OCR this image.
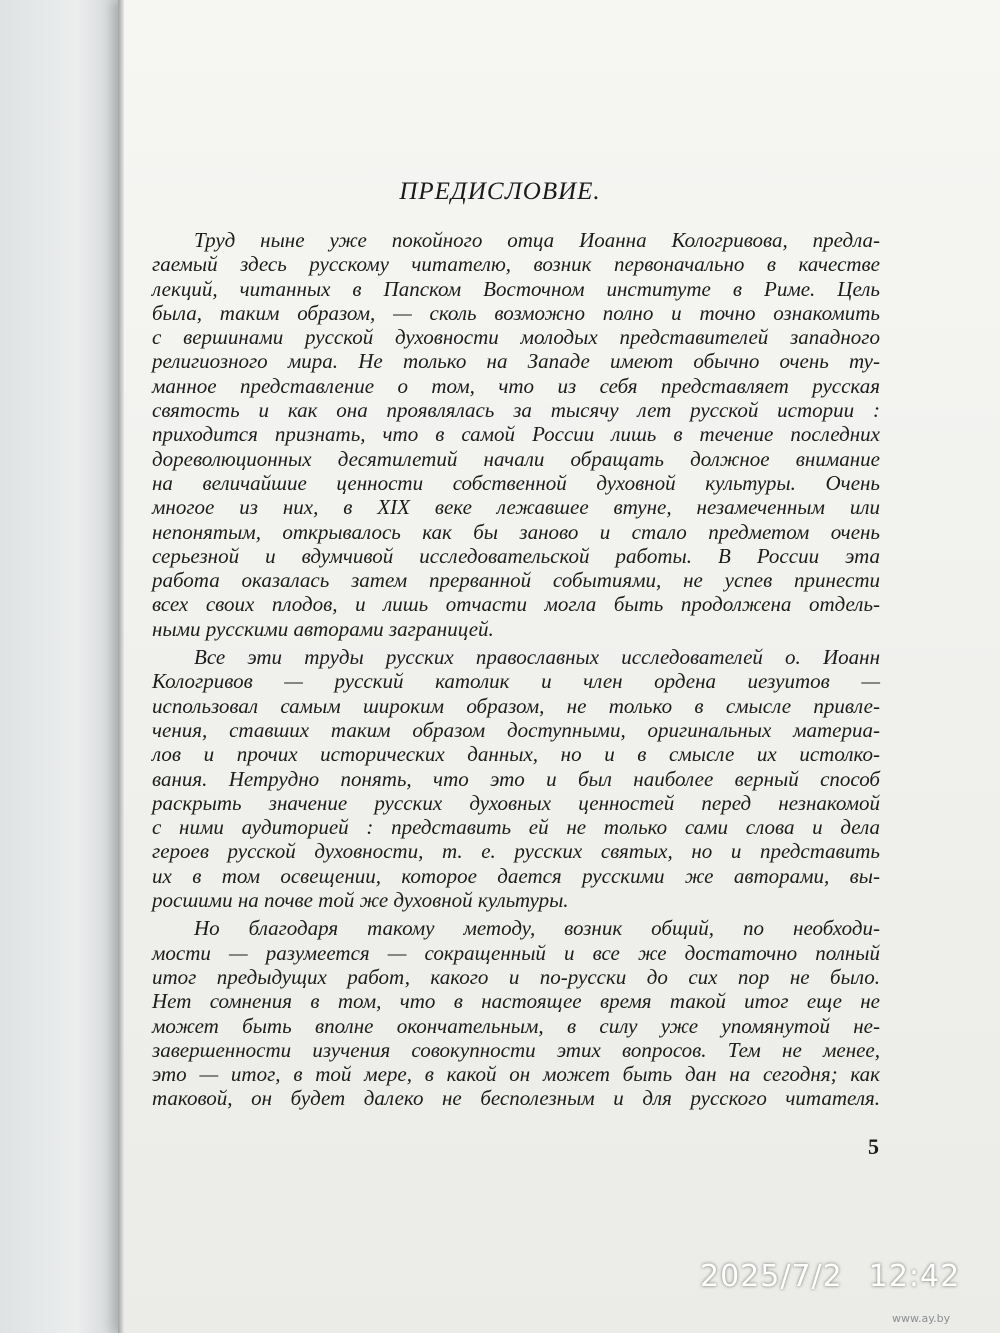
ПРЕДИСЛОВИЕ.
Труд ныне уже покойного отца Иоанна Кологривова, предла-
гаемый здесь русскому читателю, возник первоначально в качестве
лекций, читанных в Папском Восточном институте в Риме. Цель
была, таким образом, — сколь возможно полно и точно ознакомить
с вершинами русской духовности молодых представителей западного
религиозного мира. Не только на Западе имеют обычно очень ту-
манное представление о том, что из себя представляет русская
святость и как она проявлялась за тысячу лет русской истории :
приходится признать, что в самой России лишь в течение последних
дореволюционных десятилетий начали обращать должное внимание
на величайшие ценности собственной духовной культуры. Очень
многое из них, в XIX веке лежавшее втуне, незамеченным или
непонятым, открывалось как бы заново и стало предметом очень
серьезной и вдумчивой исследовательской работы. В России эта
работа оказалась затем прерванной событиями, не успев принести
всех своих плодов, и лишь отчасти могла быть продолжена отдель-
ными русскими авторами заграницей.
Все эти труды русских православных исследователей о. Иоанн
Кологривов — русский католик и член ордена иезуитов —
использовал самым широким образом, не только в смысле привле-
чения, ставших таким образом доступными, оригинальных материа-
лов и прочих исторических данных, но и в смысле их истолко-
вания. Нетрудно понять, что это и был наиболее верный способ
раскрыть значение русских духовных ценностей перед незнакомой
с ними аудиторией : представить ей не только сами слова и дела
героев русской духовности, т. е. русских святых, но и представить
их в том освещении, которое дается русскими же авторами, вы-
росшими на почве той же духовной культуры.
Но благодаря такому методу, возник общий, по необходи-
мости — разумеется — сокращенный и все же достаточно полный
итог предыдущих работ, какого и по-русски до сих пор не было.
Нет сомнения в том, что в настоящее время такой итог еще не
может быть вполне окончательным, в силу уже упомянутой не-
завершенности изучения совокупности этих вопросов. Тем не менее,
это — итог, в той мере, в какой он может быть дан на сегодня; как
таковой, он будет далеко не бесполезным и для русского читателя.
5
2025/7/2 12:42
www.ay.by
